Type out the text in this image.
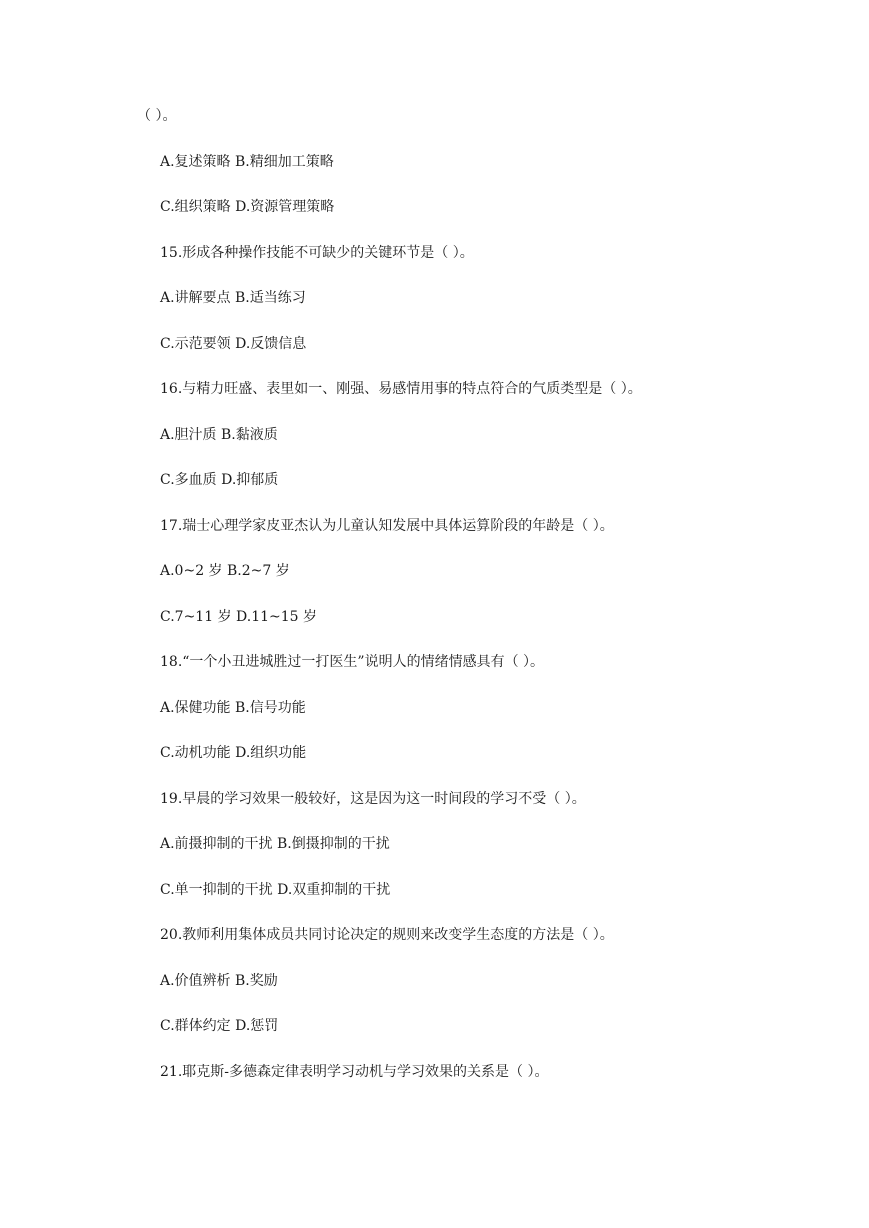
（ ）。
A.复述策略 B.精细加工策略
C.组织策略 D.资源管理策略
15.形成各种操作技能不可缺少的关键环节是（ ）。
A.讲解要点 B.适当练习
C.示范要领 D.反馈信息
16.与精力旺盛、表里如一、刚强、易感情用事的特点符合的气质类型是（ ）。
A.胆汁质 B.黏液质
C.多血质 D.抑郁质
17.瑞士心理学家皮亚杰认为儿童认知发展中具体运算阶段的年龄是（ ）。
A.0~2 岁 B.2~7 岁
C.7~11 岁 D.11~15 岁
18.“一个小丑进城胜过一打医生”说明人的情绪情感具有（ ）。
A.保健功能 B.信号功能
C.动机功能 D.组织功能
19.早晨的学习效果一般较好，这是因为这一时间段的学习不受（ ）。
A.前摄抑制的干扰 B.倒摄抑制的干扰
C.单一抑制的干扰 D.双重抑制的干扰
20.教师利用集体成员共同讨论决定的规则来改变学生态度的方法是（ ）。
A.价值辨析 B.奖励
C.群体约定 D.惩罚
21.耶克斯-多德森定律表明学习动机与学习效果的关系是（ ）。
